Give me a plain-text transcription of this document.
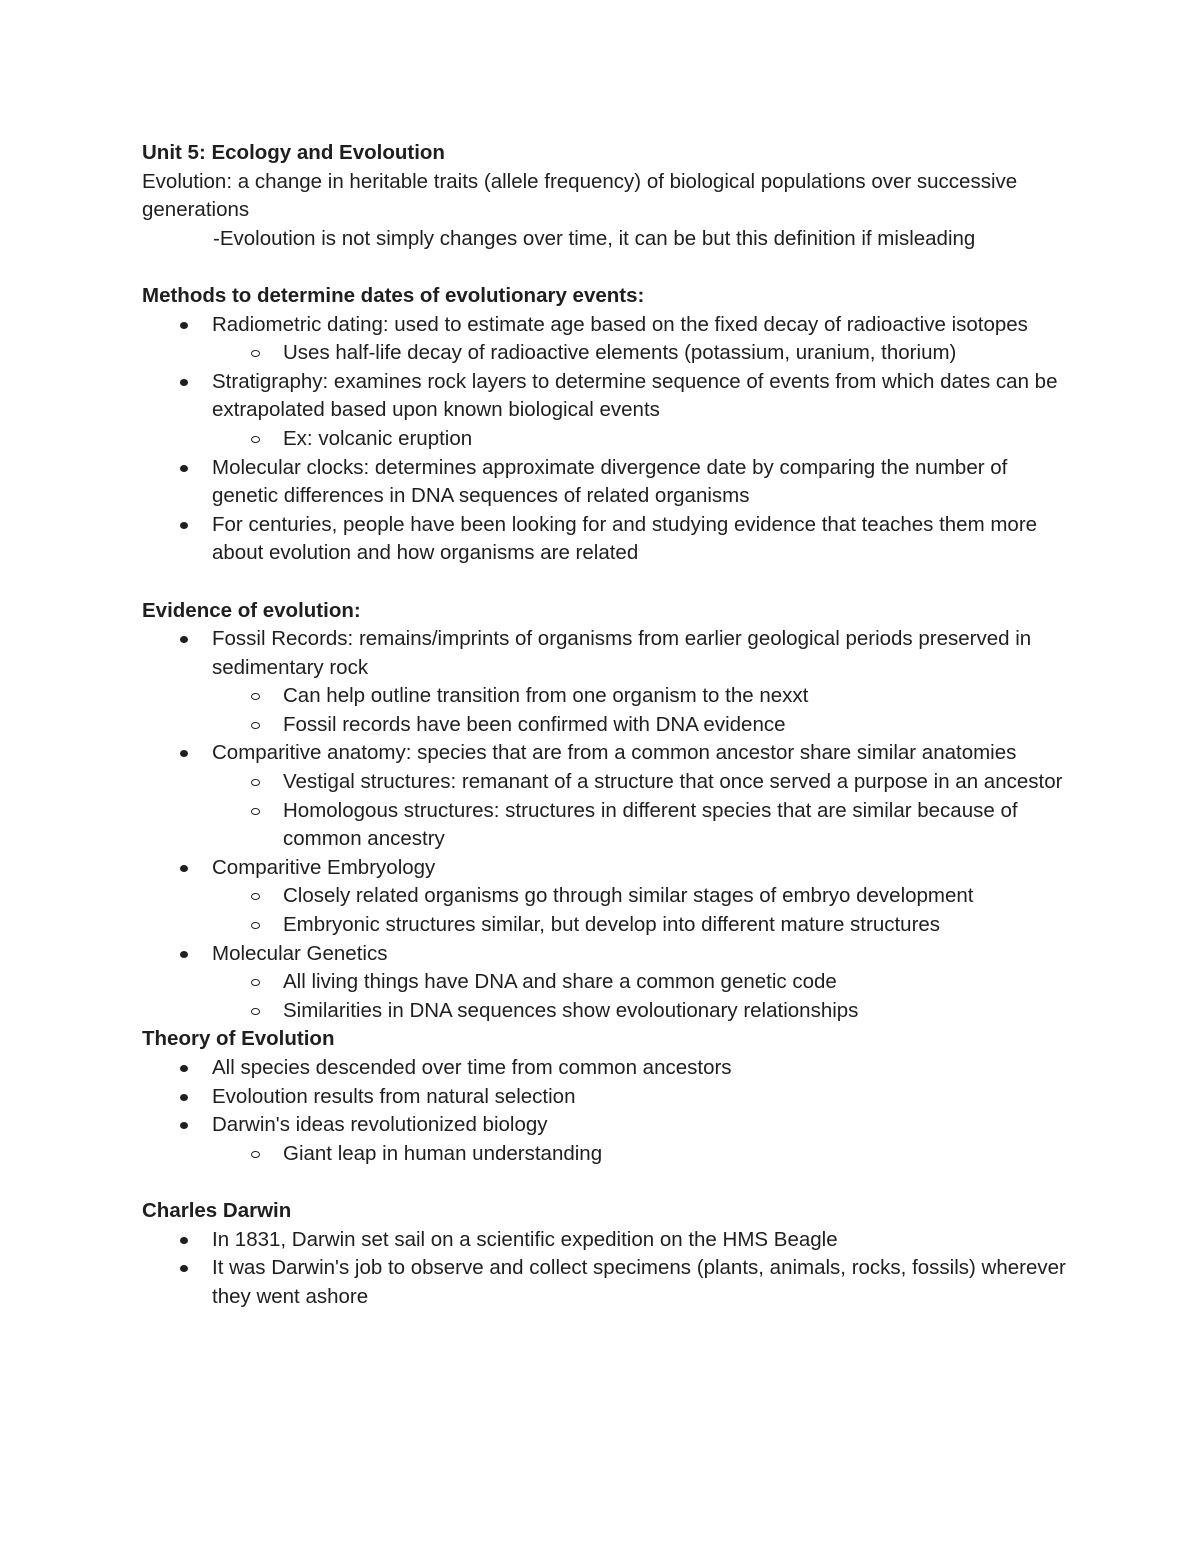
Unit 5: Ecology and Evoloution

Evolution: a change in heritable traits (allele frequency) of biological populations over successive generations

-Evoloution is not simply changes over time, it can be but this definition if misleading

Methods to determine dates of evolutionary events:

Radiometric dating: used to estimate age based on the fixed decay of radioactive isotopes
Uses half-life decay of radioactive elements (potassium, uranium, thorium)
Stratigraphy: examines rock layers to determine sequence of events from which dates can be extrapolated based upon known biological events
Ex: volcanic eruption
Molecular clocks: determines approximate divergence date by comparing the number of genetic differences in DNA sequences of related organisms
For centuries, people have been looking for and studying evidence that teaches them more about evolution and how organisms are related

Evidence of evolution:

Fossil Records: remains/imprints of organisms from earlier geological periods preserved in sedimentary rock
Can help outline transition from one organism to the nexxt
Fossil records have been confirmed with DNA evidence
Comparitive anatomy: species that are from a common ancestor share similar anatomies
Vestigal structures: remanant of a structure that once served a purpose in an ancestor
Homologous structures: structures in different species that are similar because of common ancestry
Comparitive Embryology
Closely related organisms go through similar stages of embryo development
Embryonic structures similar, but develop into different mature structures
Molecular Genetics
All living things have DNA and share a common genetic code
Similarities in DNA sequences show evoloutionary relationships

Theory of Evolution

All species descended over time from common ancestors
Evoloution results from natural selection
Darwin's ideas revolutionized biology
Giant leap in human understanding

Charles Darwin

In 1831, Darwin set sail on a scientific expedition on the HMS Beagle
It was Darwin's job to observe and collect specimens (plants, animals, rocks, fossils) wherever they went ashore
